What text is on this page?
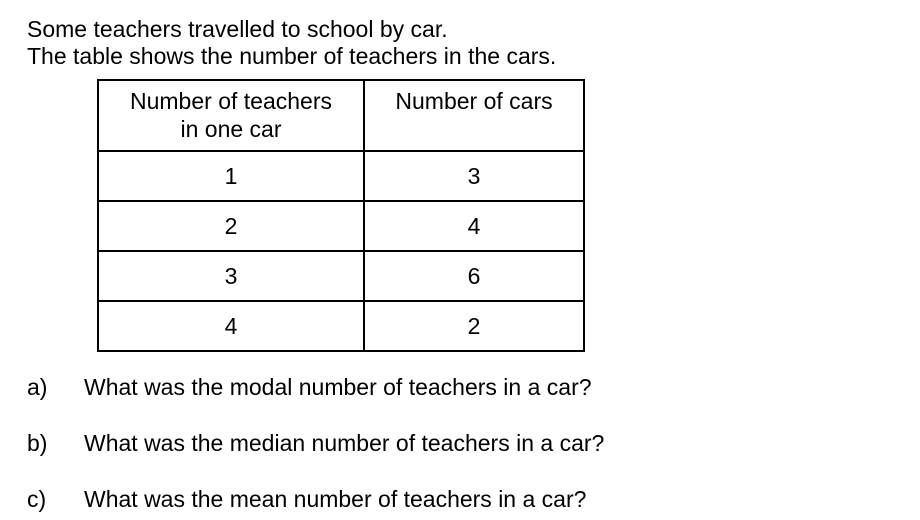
Some teachers travelled to school by car.
The table shows the number of teachers in the cars.
Number of teachers
in one car	Number of cars

1	3
2	4
3	6
4	2
a) What was the modal number of teachers in a car?
b) What was the median number of teachers in a car?
c) What was the mean number of teachers in a car?
